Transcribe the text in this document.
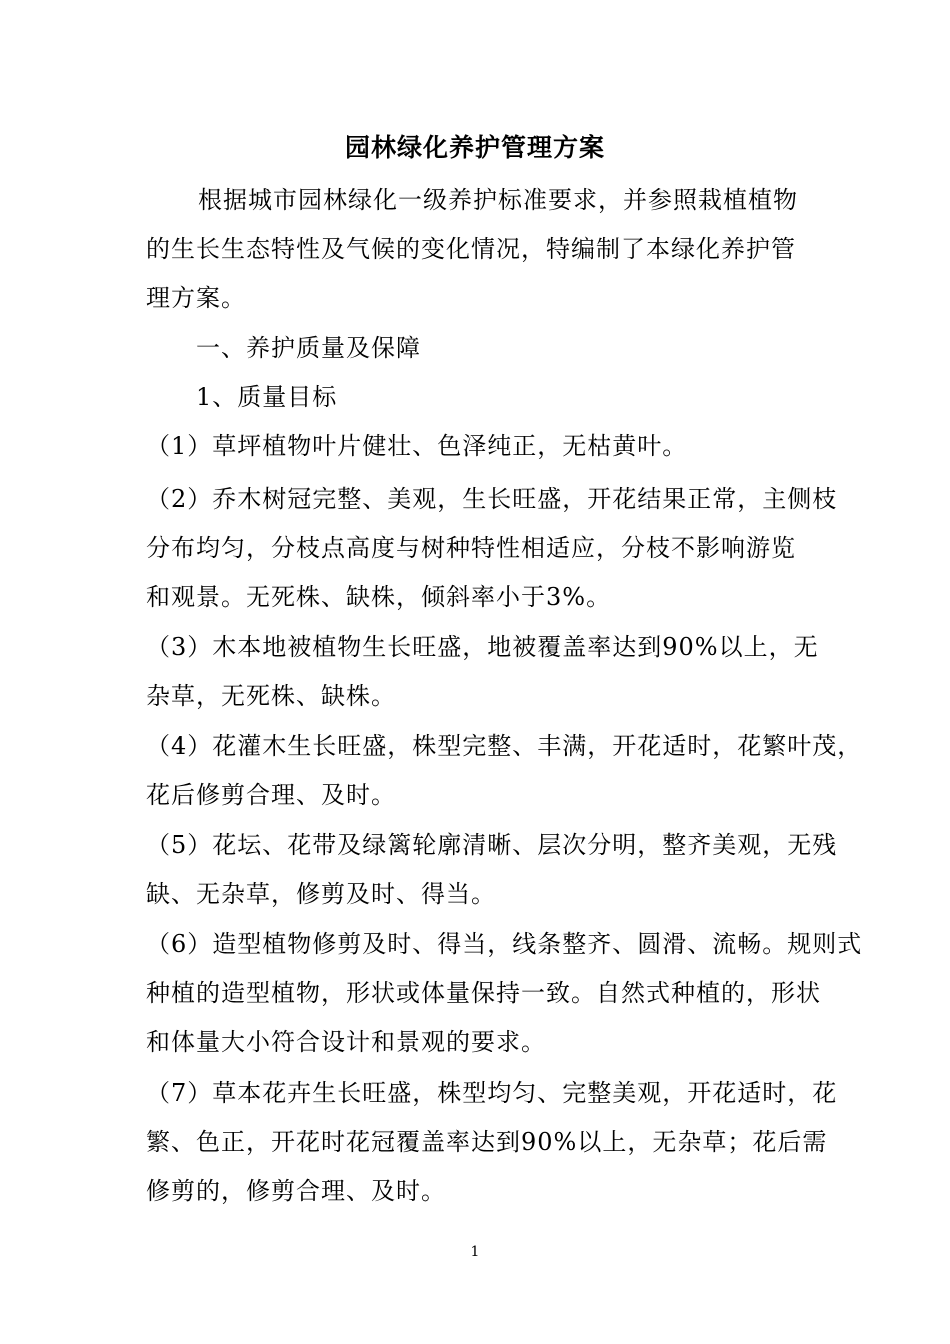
园林绿化养护管理方案
根据城市园林绿化一级养护标准要求，并参照栽植植物的生长生态特性及气候的变化情况，特编制了本绿化养护管理方案。
一、养护质量及保障
1、质量目标
（1）草坪植物叶片健壮、色泽纯正，无枯黄叶。
（2）乔木树冠完整、美观，生长旺盛，开花结果正常，主侧枝
分布均匀，分枝点高度与树种特性相适应，分枝不影响游览
和观景。无死株、缺株，倾斜率小于3%。
（3）木本地被植物生长旺盛，地被覆盖率达到90%以上，无
杂草，无死株、缺株。
（4）花灌木生长旺盛，株型完整、丰满，开花适时，花繁叶茂，
花后修剪合理、及时。
（5）花坛、花带及绿篱轮廓清晰、层次分明，整齐美观，无残
缺、无杂草，修剪及时、得当。
（6）造型植物修剪及时、得当，线条整齐、圆滑、流畅。规则式
种植的造型植物，形状或体量保持一致。自然式种植的，形状
和体量大小符合设计和景观的要求。
（7）草本花卉生长旺盛，株型均匀、完整美观，开花适时，花
繁、色正，开花时花冠覆盖率达到90%以上，无杂草；花后需
修剪的，修剪合理、及时。
1
